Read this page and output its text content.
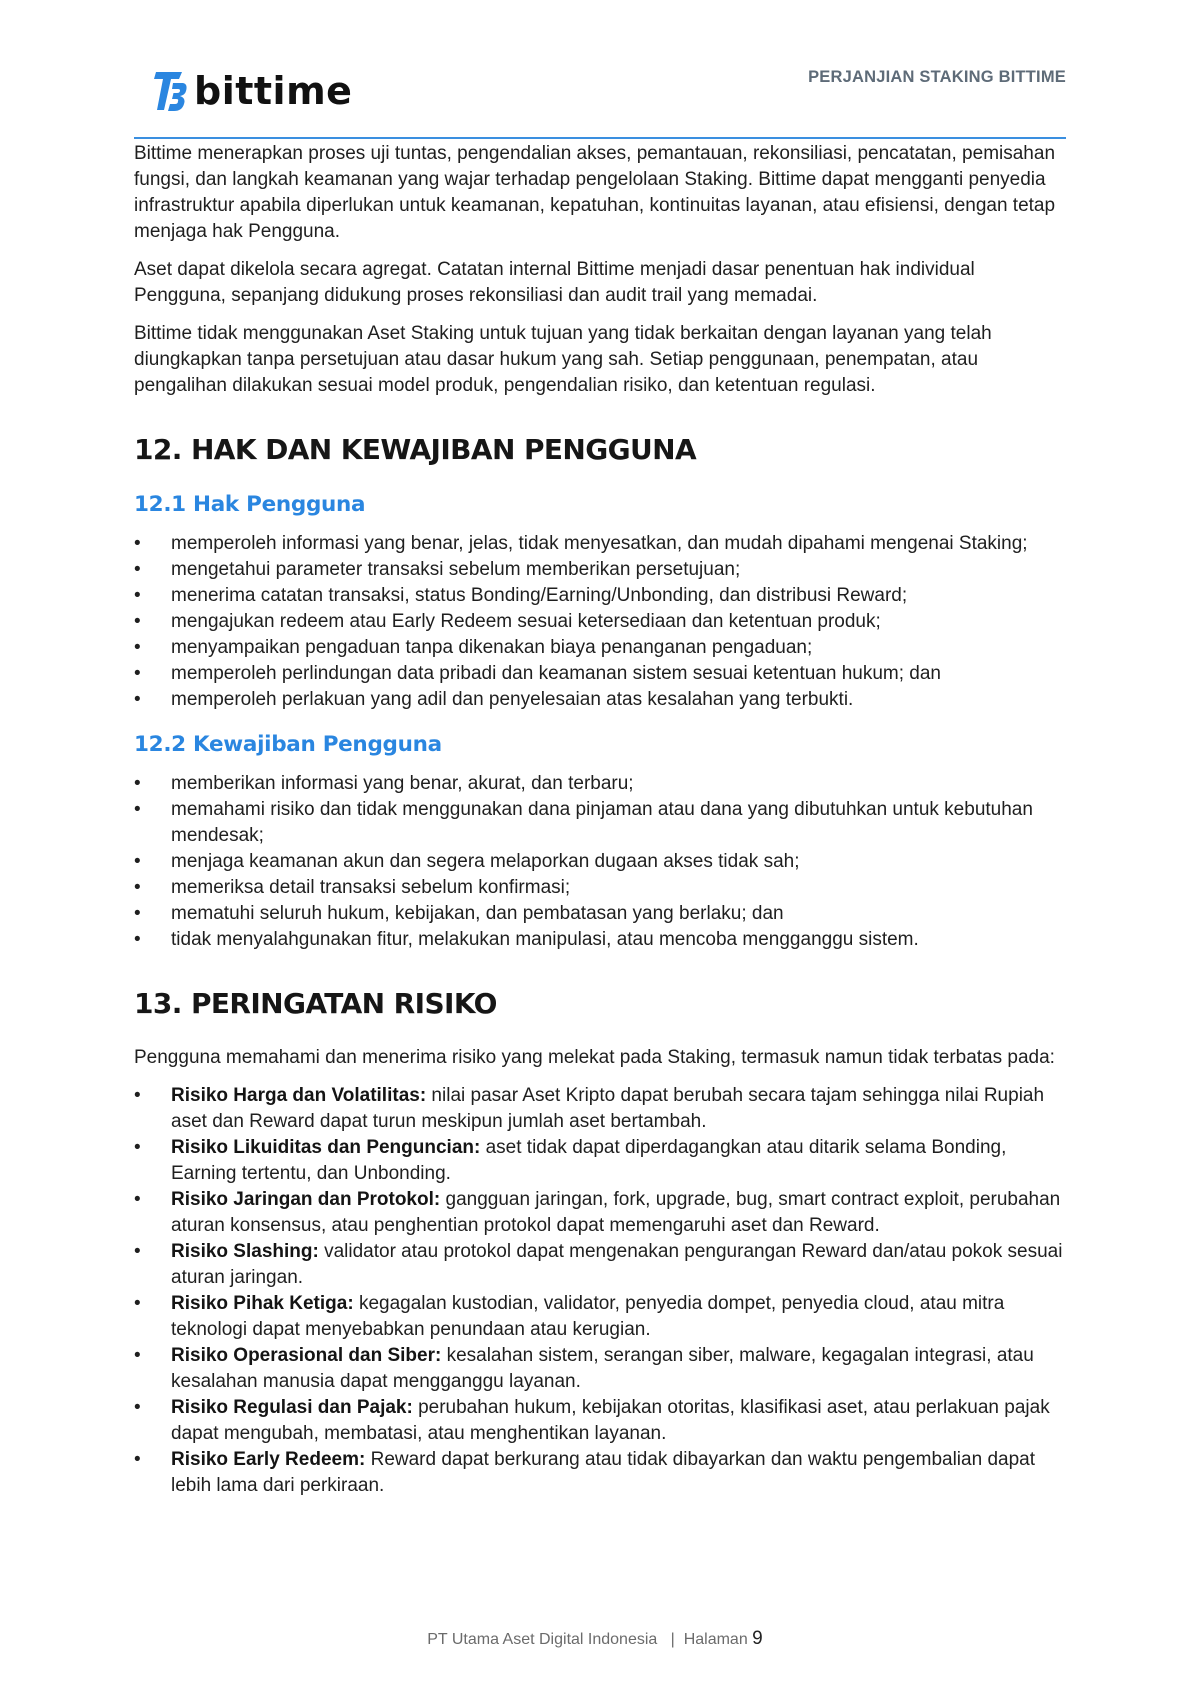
bittime	PERJANJIAN STAKING BITTIME

Bittime menerapkan proses uji tuntas, pengendalian akses, pemantauan, rekonsiliasi, pencatatan, pemisahan fungsi, dan langkah keamanan yang wajar terhadap pengelolaan Staking. Bittime dapat mengganti penyedia infrastruktur apabila diperlukan untuk keamanan, kepatuhan, kontinuitas layanan, atau efisiensi, dengan tetap menjaga hak Pengguna.

Aset dapat dikelola secara agregat. Catatan internal Bittime menjadi dasar penentuan hak individual Pengguna, sepanjang didukung proses rekonsiliasi dan audit trail yang memadai.

Bittime tidak menggunakan Aset Staking untuk tujuan yang tidak berkaitan dengan layanan yang telah diungkapkan tanpa persetujuan atau dasar hukum yang sah. Setiap penggunaan, penempatan, atau pengalihan dilakukan sesuai model produk, pengendalian risiko, dan ketentuan regulasi.

12. HAK DAN KEWAJIBAN PENGGUNA
12.1 Hak Pengguna
•	memperoleh informasi yang benar, jelas, tidak menyesatkan, dan mudah dipahami mengenai Staking;
•	mengetahui parameter transaksi sebelum memberikan persetujuan;
•	menerima catatan transaksi, status Bonding/Earning/Unbonding, dan distribusi Reward;
•	mengajukan redeem atau Early Redeem sesuai ketersediaan dan ketentuan produk;
•	menyampaikan pengaduan tanpa dikenakan biaya penanganan pengaduan;
•	memperoleh perlindungan data pribadi dan keamanan sistem sesuai ketentuan hukum; dan
•	memperoleh perlakuan yang adil dan penyelesaian atas kesalahan yang terbukti.
12.2 Kewajiban Pengguna
•	memberikan informasi yang benar, akurat, dan terbaru;
•	memahami risiko dan tidak menggunakan dana pinjaman atau dana yang dibutuhkan untuk kebutuhan mendesak;
•	menjaga keamanan akun dan segera melaporkan dugaan akses tidak sah;
•	memeriksa detail transaksi sebelum konfirmasi;
•	mematuhi seluruh hukum, kebijakan, dan pembatasan yang berlaku; dan
•	tidak menyalahgunakan fitur, melakukan manipulasi, atau mencoba mengganggu sistem.
13. PERINGATAN RISIKO

Pengguna memahami dan menerima risiko yang melekat pada Staking, termasuk namun tidak terbatas pada:

•	Risiko Harga dan Volatilitas: nilai pasar Aset Kripto dapat berubah secara tajam sehingga nilai Rupiah aset dan Reward dapat turun meskipun jumlah aset bertambah.
•	Risiko Likuiditas dan Penguncian: aset tidak dapat diperdagangkan atau ditarik selama Bonding, Earning tertentu, dan Unbonding.
•	Risiko Jaringan dan Protokol: gangguan jaringan, fork, upgrade, bug, smart contract exploit, perubahan aturan konsensus, atau penghentian protokol dapat memengaruhi aset dan Reward.
•	Risiko Slashing: validator atau protokol dapat mengenakan pengurangan Reward dan/atau pokok sesuai aturan jaringan.
•	Risiko Pihak Ketiga: kegagalan kustodian, validator, penyedia dompet, penyedia cloud, atau mitra teknologi dapat menyebabkan penundaan atau kerugian.
•	Risiko Operasional dan Siber: kesalahan sistem, serangan siber, malware, kegagalan integrasi, atau kesalahan manusia dapat mengganggu layanan.
•	Risiko Regulasi dan Pajak: perubahan hukum, kebijakan otoritas, klasifikasi aset, atau perlakuan pajak dapat mengubah, membatasi, atau menghentikan layanan.
•	Risiko Early Redeem: Reward dapat berkurang atau tidak dibayarkan dan waktu pengembalian dapat lebih lama dari perkiraan.
PT Utama Aset Digital Indonesia | Halaman 9
